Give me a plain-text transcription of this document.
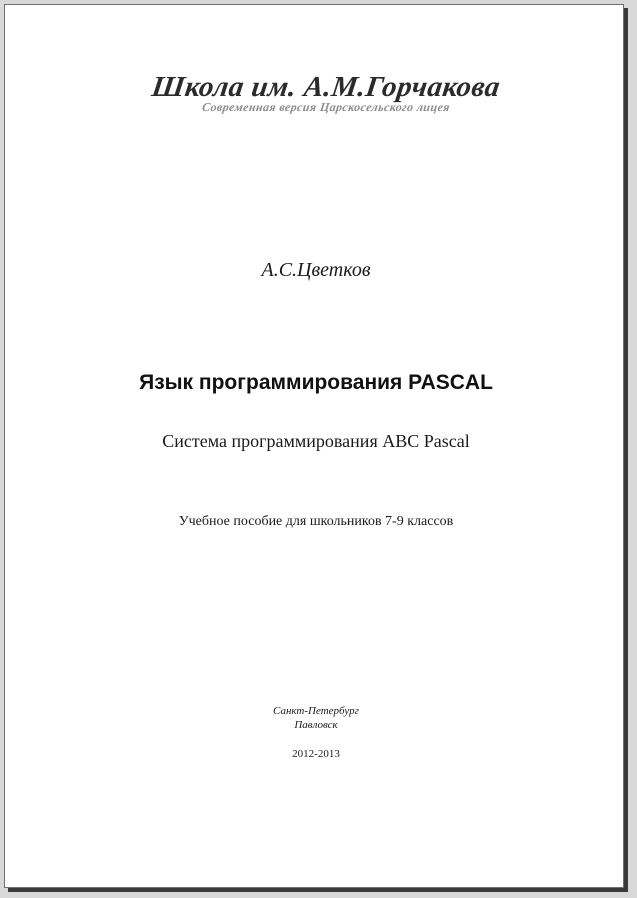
Школа им. А.М.Горчакова
Современная версия Царскосельского лицея
А.С.Цветков
Язык программирования PASCAL
Система программирования ABC Pascal
Учебное пособие для школьников 7-9 классов
Санкт-Петербург
Павловск
2012-2013
